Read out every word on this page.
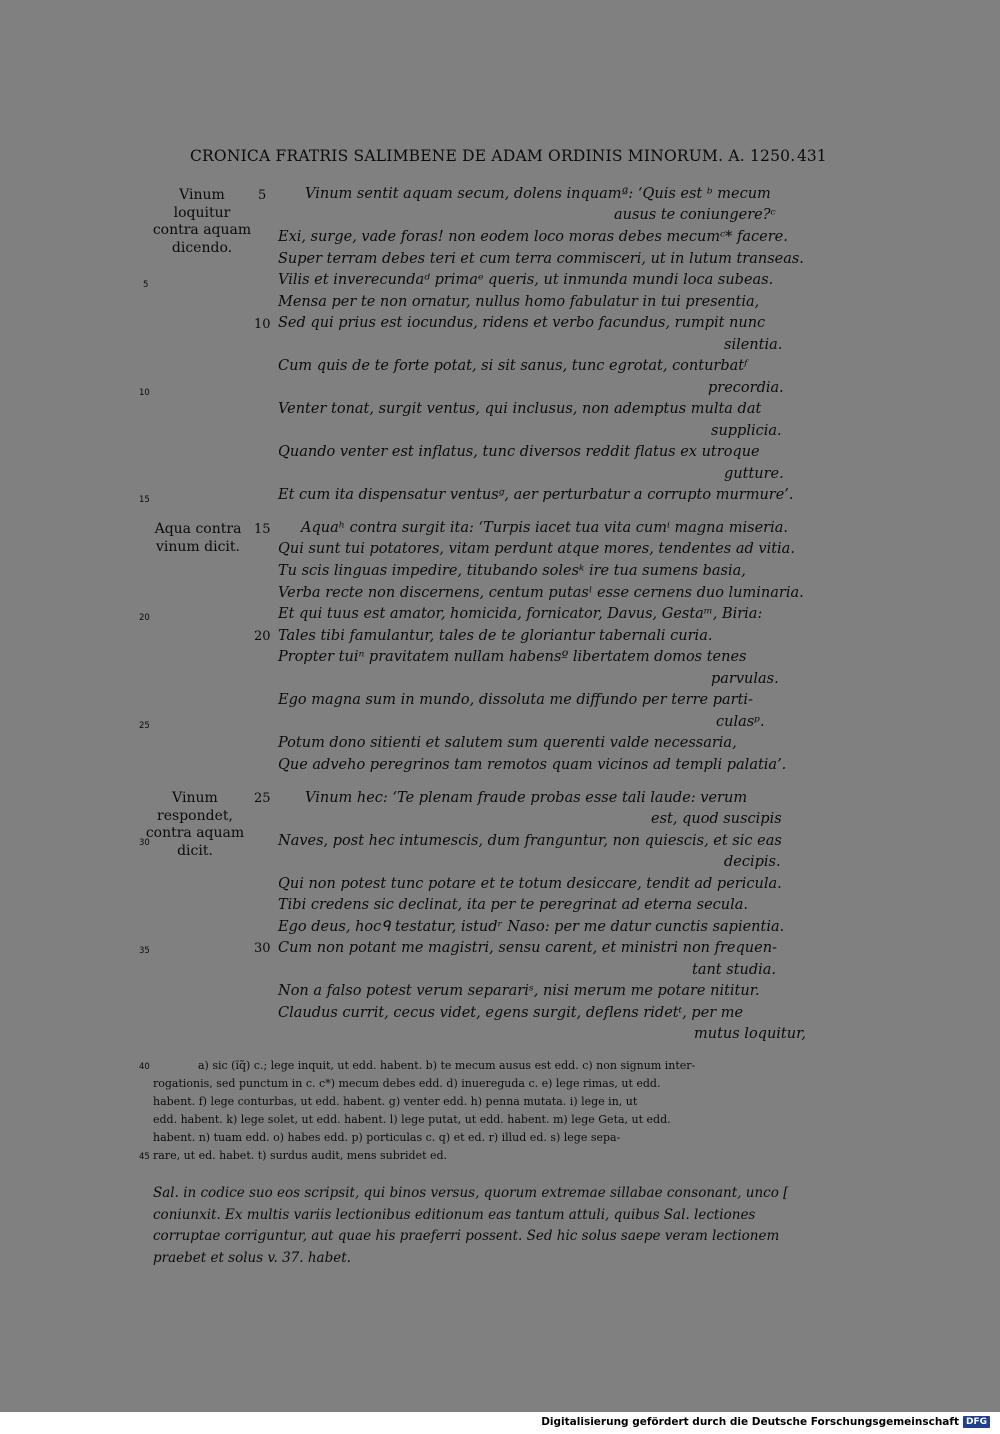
CRONICA FRATRIS SALIMBENE DE ADAM ORDINIS MINORUM. A. 1250. 431
Vinum loquitur contra aquam dicendo.
Aqua contra vinum dicit.
Vinum respondet, contra aquam dicit.
5
10
15
20
25
30
5
10
15
20
25
30
35
40
45
Vinum sentit aquam secum, dolens inquamª: ‘Quis est ᵇ mecum
ausus te coniungere?ᶜ
Exi, surge, vade foras! non eodem loco moras debes mecumᶜ* facere.
Super terram debes teri et cum terra commisceri, ut in lutum transeas.
Vilis et inverecundaᵈ primaᵉ queris, ut inmunda mundi loca subeas.
Mensa per te non ornatur, nullus homo fabulatur in tui presentia,
Sed qui prius est iocundus, ridens et verbo facundus, rumpit nunc
silentia.
Cum quis de te forte potat, si sit sanus, tunc egrotat, conturbatᶠ
precordia.
Venter tonat, surgit ventus, qui inclusus, non ademptus multa dat
supplicia.
Quando venter est inflatus, tunc diversos reddit flatus ex utroque
gutture.
Et cum ita dispensatur ventusᵍ, aer perturbatur a corrupto murmure’.
Aquaʰ contra surgit ita: ‘Turpis iacet tua vita cumⁱ magna miseria.
Qui sunt tui potatores, vitam perdunt atque mores, tendentes ad vitia.
Tu scis linguas impedire, titubando solesᵏ ire tua sumens basia,
Verba recte non discernens, centum putasˡ esse cernens duo luminaria.
Et qui tuus est amator, homicida, fornicator, Davus, Gestaᵐ, Biria:
Tales tibi famulantur, tales de te gloriantur tabernali curia.
Propter tuiⁿ pravitatem nullam habensº libertatem domos tenes
parvulas.
Ego magna sum in mundo, dissoluta me diffundo per terre parti-
culasᵖ.
Potum dono sitienti et salutem sum querenti valde necessaria,
Que adveho peregrinos tam remotos quam vicinos ad templi palatia’.
Vinum hec: ‘Te plenam fraude probas esse tali laude: verum
est, quod suscipis
Naves, post hec intumescis, dum franguntur, non quiescis, et sic eas
decipis.
Qui non potest tunc potare et te totum desiccare, tendit ad pericula.
Tibi credens sic declinat, ita per te peregrinat ad eterna secula.
Ego deus, hocᑫ testatur, istudʳ Naso: per me datur cunctis sapientia.
Cum non potant me magistri, sensu carent, et ministri non frequen-
tant studia.
Non a falso potest verum separariˢ, nisi merum me potare nititur.
Claudus currit, cecus videt, egens surgit, deflens ridetᵗ, per me
mutus loquitur,
a) sic (ĩq̃) c.; lege inquit, ut edd. habent. b) te mecum ausus est edd. c) non signum inter-
rogationis, sed punctum in c. c*) mecum debes edd. d) inuereguda c. e) lege rimas, ut edd.
habent. f) lege conturbas, ut edd. habent. g) venter edd. h) penna mutata. i) lege in, ut
edd. habent. k) lege solet, ut edd. habent. l) lege putat, ut edd. habent. m) lege Geta, ut edd.
habent. n) tuam edd. o) habes edd. p) porticulas c. q) et ed. r) illud ed. s) lege sepa-
rare, ut ed. habet. t) surdus audit, mens subridet ed.
Sal. in codice suo eos scripsit, qui binos versus, quorum extremae sillabae consonant, unco [ coniunxit. Ex multis variis lectionibus editionum eas tantum attuli, quibus Sal. lectiones corruptae corriguntur, aut quae his praeferri possent. Sed hic solus saepe veram lectionem praebet et solus v. 37. habet.
Digitalisierung gefördert durch die Deutsche Forschungsgemeinschaft DFG
